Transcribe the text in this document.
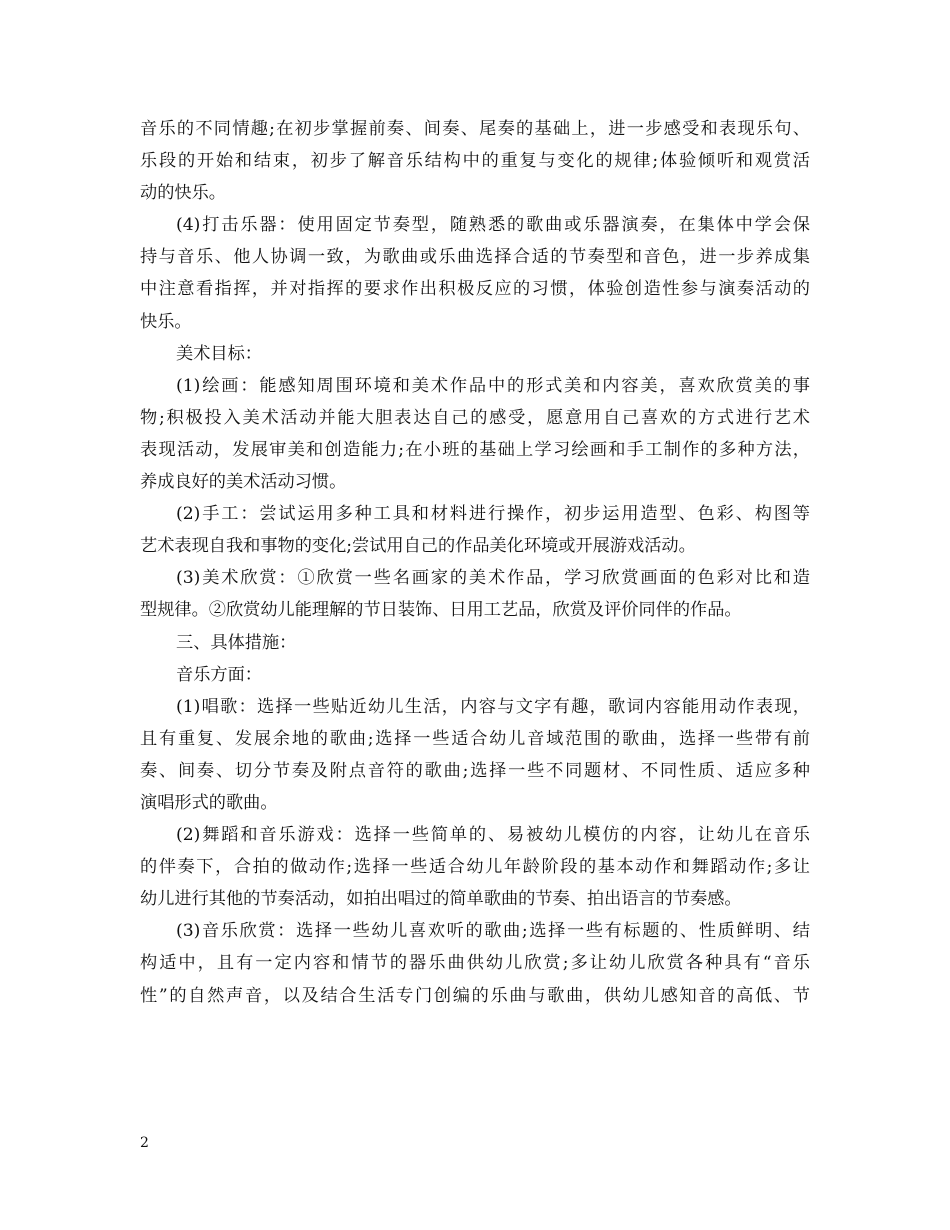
音乐的不同情趣;在初步掌握前奏、间奏、尾奏的基础上，进一步感受和表现乐句、
乐段的开始和结束，初步了解音乐结构中的重复与变化的规律;体验倾听和观赏活
动的快乐。
(4)打击乐器：使用固定节奏型，随熟悉的歌曲或乐器演奏，在集体中学会保
持与音乐、他人协调一致，为歌曲或乐曲选择合适的节奏型和音色，进一步养成集
中注意看指挥，并对指挥的要求作出积极反应的习惯，体验创造性参与演奏活动的
快乐。
美术目标：
(1)绘画：能感知周围环境和美术作品中的形式美和内容美，喜欢欣赏美的事
物;积极投入美术活动并能大胆表达自己的感受，愿意用自己喜欢的方式进行艺术
表现活动，发展审美和创造能力;在小班的基础上学习绘画和手工制作的多种方法，
养成良好的美术活动习惯。
(2)手工：尝试运用多种工具和材料进行操作，初步运用造型、色彩、构图等
艺术表现自我和事物的变化;尝试用自己的作品美化环境或开展游戏活动。
(3)美术欣赏：①欣赏一些名画家的美术作品，学习欣赏画面的色彩对比和造
型规律。②欣赏幼儿能理解的节日装饰、日用工艺品，欣赏及评价同伴的作品。
三、具体措施：
音乐方面：
(1)唱歌：选择一些贴近幼儿生活，内容与文字有趣，歌词内容能用动作表现，
且有重复、发展余地的歌曲;选择一些适合幼儿音域范围的歌曲，选择一些带有前
奏、间奏、切分节奏及附点音符的歌曲;选择一些不同题材、不同性质、适应多种
演唱形式的歌曲。
(2)舞蹈和音乐游戏：选择一些简单的、易被幼儿模仿的内容，让幼儿在音乐
的伴奏下，合拍的做动作;选择一些适合幼儿年龄阶段的基本动作和舞蹈动作;多让
幼儿进行其他的节奏活动，如拍出唱过的简单歌曲的节奏、拍出语言的节奏感。
(3)音乐欣赏：选择一些幼儿喜欢听的歌曲;选择一些有标题的、性质鲜明、结
构适中，且有一定内容和情节的器乐曲供幼儿欣赏;多让幼儿欣赏各种具有“音乐
性”的自然声音，以及结合生活专门创编的乐曲与歌曲，供幼儿感知音的高低、节
2
